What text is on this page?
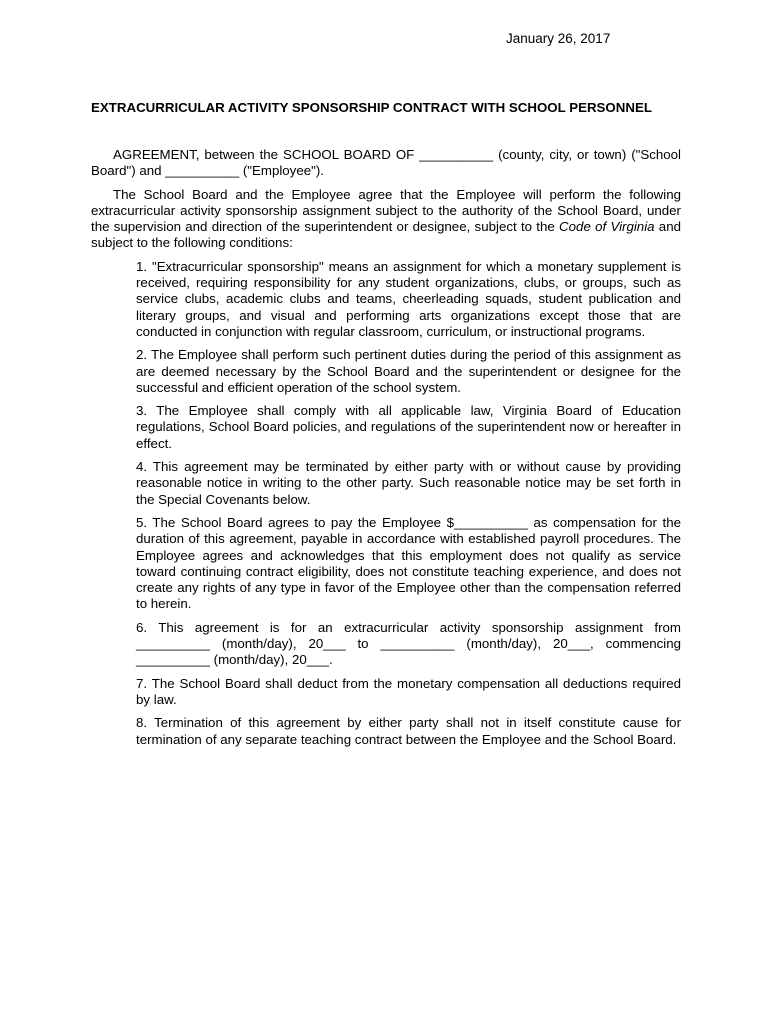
January 26, 2017
EXTRACURRICULAR ACTIVITY SPONSORSHIP CONTRACT WITH SCHOOL PERSONNEL

AGREEMENT, between the SCHOOL BOARD OF __________ (county, city, or town) ("School Board") and __________ ("Employee").

The School Board and the Employee agree that the Employee will perform the following extracurricular activity sponsorship assignment subject to the authority of the School Board, under the supervision and direction of the superintendent or designee, subject to the Code of Virginia and subject to the following conditions:

1. "Extracurricular sponsorship" means an assignment for which a monetary supplement is received, requiring responsibility for any student organizations, clubs, or groups, such as service clubs, academic clubs and teams, cheerleading squads, student publication and literary groups, and visual and performing arts organizations except those that are conducted in conjunction with regular classroom, curriculum, or instructional programs.
2. The Employee shall perform such pertinent duties during the period of this assignment as are deemed necessary by the School Board and the superintendent or designee for the successful and efficient operation of the school system.
3. The Employee shall comply with all applicable law, Virginia Board of Education regulations, School Board policies, and regulations of the superintendent now or hereafter in effect.
4. This agreement may be terminated by either party with or without cause by providing reasonable notice in writing to the other party. Such reasonable notice may be set forth in the Special Covenants below.
5. The School Board agrees to pay the Employee $__________ as compensation for the duration of this agreement, payable in accordance with established payroll procedures. The Employee agrees and acknowledges that this employment does not qualify as service toward continuing contract eligibility, does not constitute teaching experience, and does not create any rights of any type in favor of the Employee other than the compensation referred to herein.
6. This agreement is for an extracurricular activity sponsorship assignment from __________ (month/day), 20___ to __________ (month/day), 20___, commencing __________ (month/day), 20___.
7. The School Board shall deduct from the monetary compensation all deductions required by law.
8. Termination of this agreement by either party shall not in itself constitute cause for termination of any separate teaching contract between the Employee and the School Board.
